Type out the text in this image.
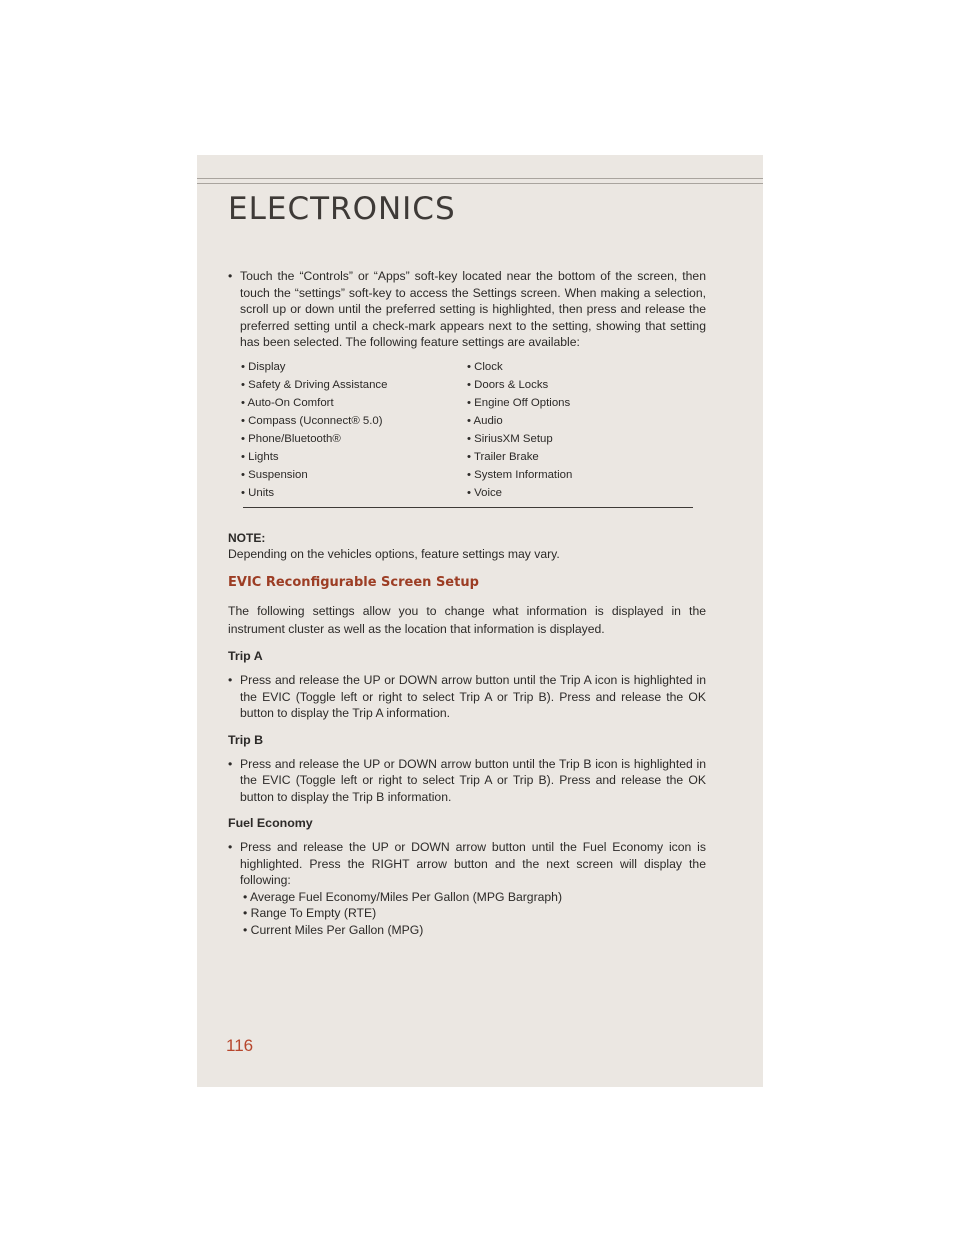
ELECTRONICS

• Touch the “Controls” or “Apps” soft-key located near the bottom of the screen, then touch the “settings” soft-key to access the Settings screen. When making a selection, scroll up or down until the preferred setting is highlighted, then press and release the preferred setting until a check-mark appears next to the setting, showing that setting has been selected. The following feature settings are available:

• Display	• Clock
• Safety & Driving Assistance	• Doors & Locks
• Auto-On Comfort	• Engine Off Options
• Compass (Uconnect® 5.0)	• Audio
• Phone/Bluetooth®	• SiriusXM Setup
• Lights	• Trailer Brake
• Suspension	• System Information
• Units	• Voice

NOTE:

Depending on the vehicles options, feature settings may vary.

EVIC Reconfigurable Screen Setup

The following settings allow you to change what information is displayed in the instrument cluster as well as the location that information is displayed.

Trip A

• Press and release the UP or DOWN arrow button until the Trip A icon is highlighted in the EVIC (Toggle left or right to select Trip A or Trip B). Press and release the OK button to display the Trip A information.

Trip B

• Press and release the UP or DOWN arrow button until the Trip B icon is highlighted in the EVIC (Toggle left or right to select Trip A or Trip B). Press and release the OK button to display the Trip B information.

Fuel Economy

• Press and release the UP or DOWN arrow button until the Fuel Economy icon is highlighted. Press the RIGHT arrow button and the next screen will display the following:

• Average Fuel Economy/Miles Per Gallon (MPG Bargraph)

• Range To Empty (RTE)

• Current Miles Per Gallon (MPG)

116
